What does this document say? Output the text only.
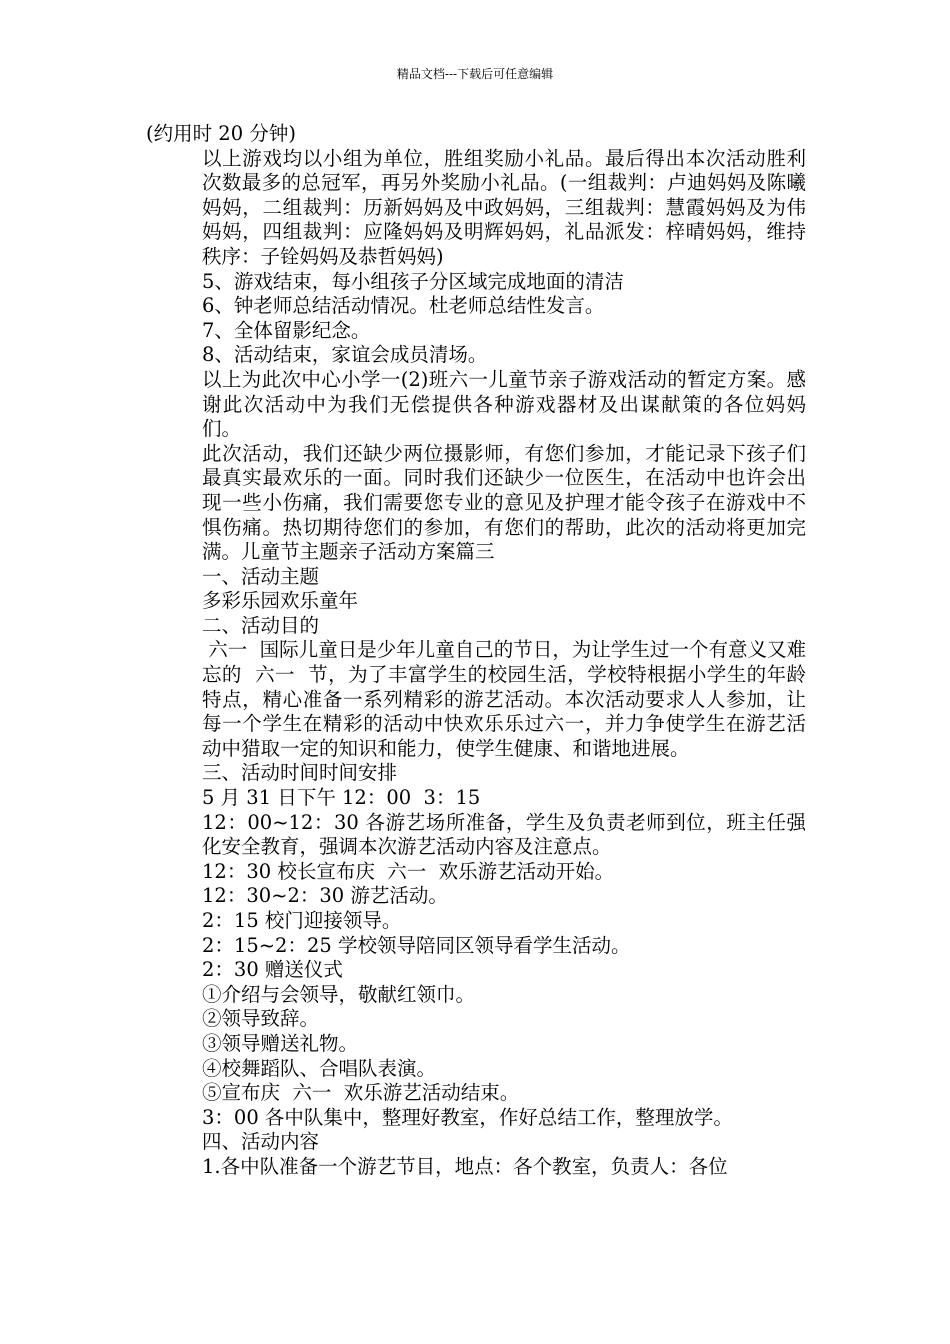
精品文档---下载后可任意编辑

(约用时 20 分钟)

以上游戏均以小组为单位，胜组奖励小礼品。最后得出本次活动胜利次数最多的总冠军，再另外奖励小礼品。(一组裁判：卢迪妈妈及陈曦妈妈，二组裁判：历新妈妈及中政妈妈，三组裁判：慧霞妈妈及为伟妈妈，四组裁判：应隆妈妈及明辉妈妈，礼品派发：梓晴妈妈，维持秩序：子铨妈妈及恭哲妈妈)

5、游戏结束，每小组孩子分区域完成地面的清洁

6、钟老师总结活动情况。杜老师总结性发言。

7、全体留影纪念。

8、活动结束，家谊会成员清场。

以上为此次中心小学一(2)班六一儿童节亲子游戏活动的暂定方案。感谢此次活动中为我们无偿提供各种游戏器材及出谋献策的各位妈妈们。

此次活动，我们还缺少两位摄影师，有您们参加，才能记录下孩子们最真实最欢乐的一面。同时我们还缺少一位医生，在活动中也许会出现一些小伤痛，我们需要您专业的意见及护理才能令孩子在游戏中不惧伤痛。热切期待您们的参加，有您们的帮助，此次的活动将更加完满。儿童节主题亲子活动方案篇三

一、活动主题

多彩乐园欢乐童年

二、活动目的

六一  国际儿童日是少年儿童自己的节日，为让学生过一个有意义又难忘的  六一  节，为了丰富学生的校园生活，学校特根据小学生的年龄特点，精心准备一系列精彩的游艺活动。本次活动要求人人参加，让每一个学生在精彩的活动中快欢乐乐过六一，并力争使学生在游艺活动中猎取一定的知识和能力，使学生健康、和谐地进展。

三、活动时间时间安排

5 月 31 日下午 12：00  3：15

12：00~12：30 各游艺场所准备，学生及负责老师到位，班主任强化安全教育，强调本次游艺活动内容及注意点。

12：30 校长宣布庆  六一  欢乐游艺活动开始。

12：30~2：30 游艺活动。

2：15 校门迎接领导。

2：15~2：25 学校领导陪同区领导看学生活动。

2：30 赠送仪式

①介绍与会领导，敬献红领巾。

②领导致辞。

③领导赠送礼物。

④校舞蹈队、合唱队表演。

⑤宣布庆  六一  欢乐游艺活动结束。

3：00 各中队集中，整理好教室，作好总结工作，整理放学。

四、活动内容

1.各中队准备一个游艺节目，地点：各个教室，负责人：各位
